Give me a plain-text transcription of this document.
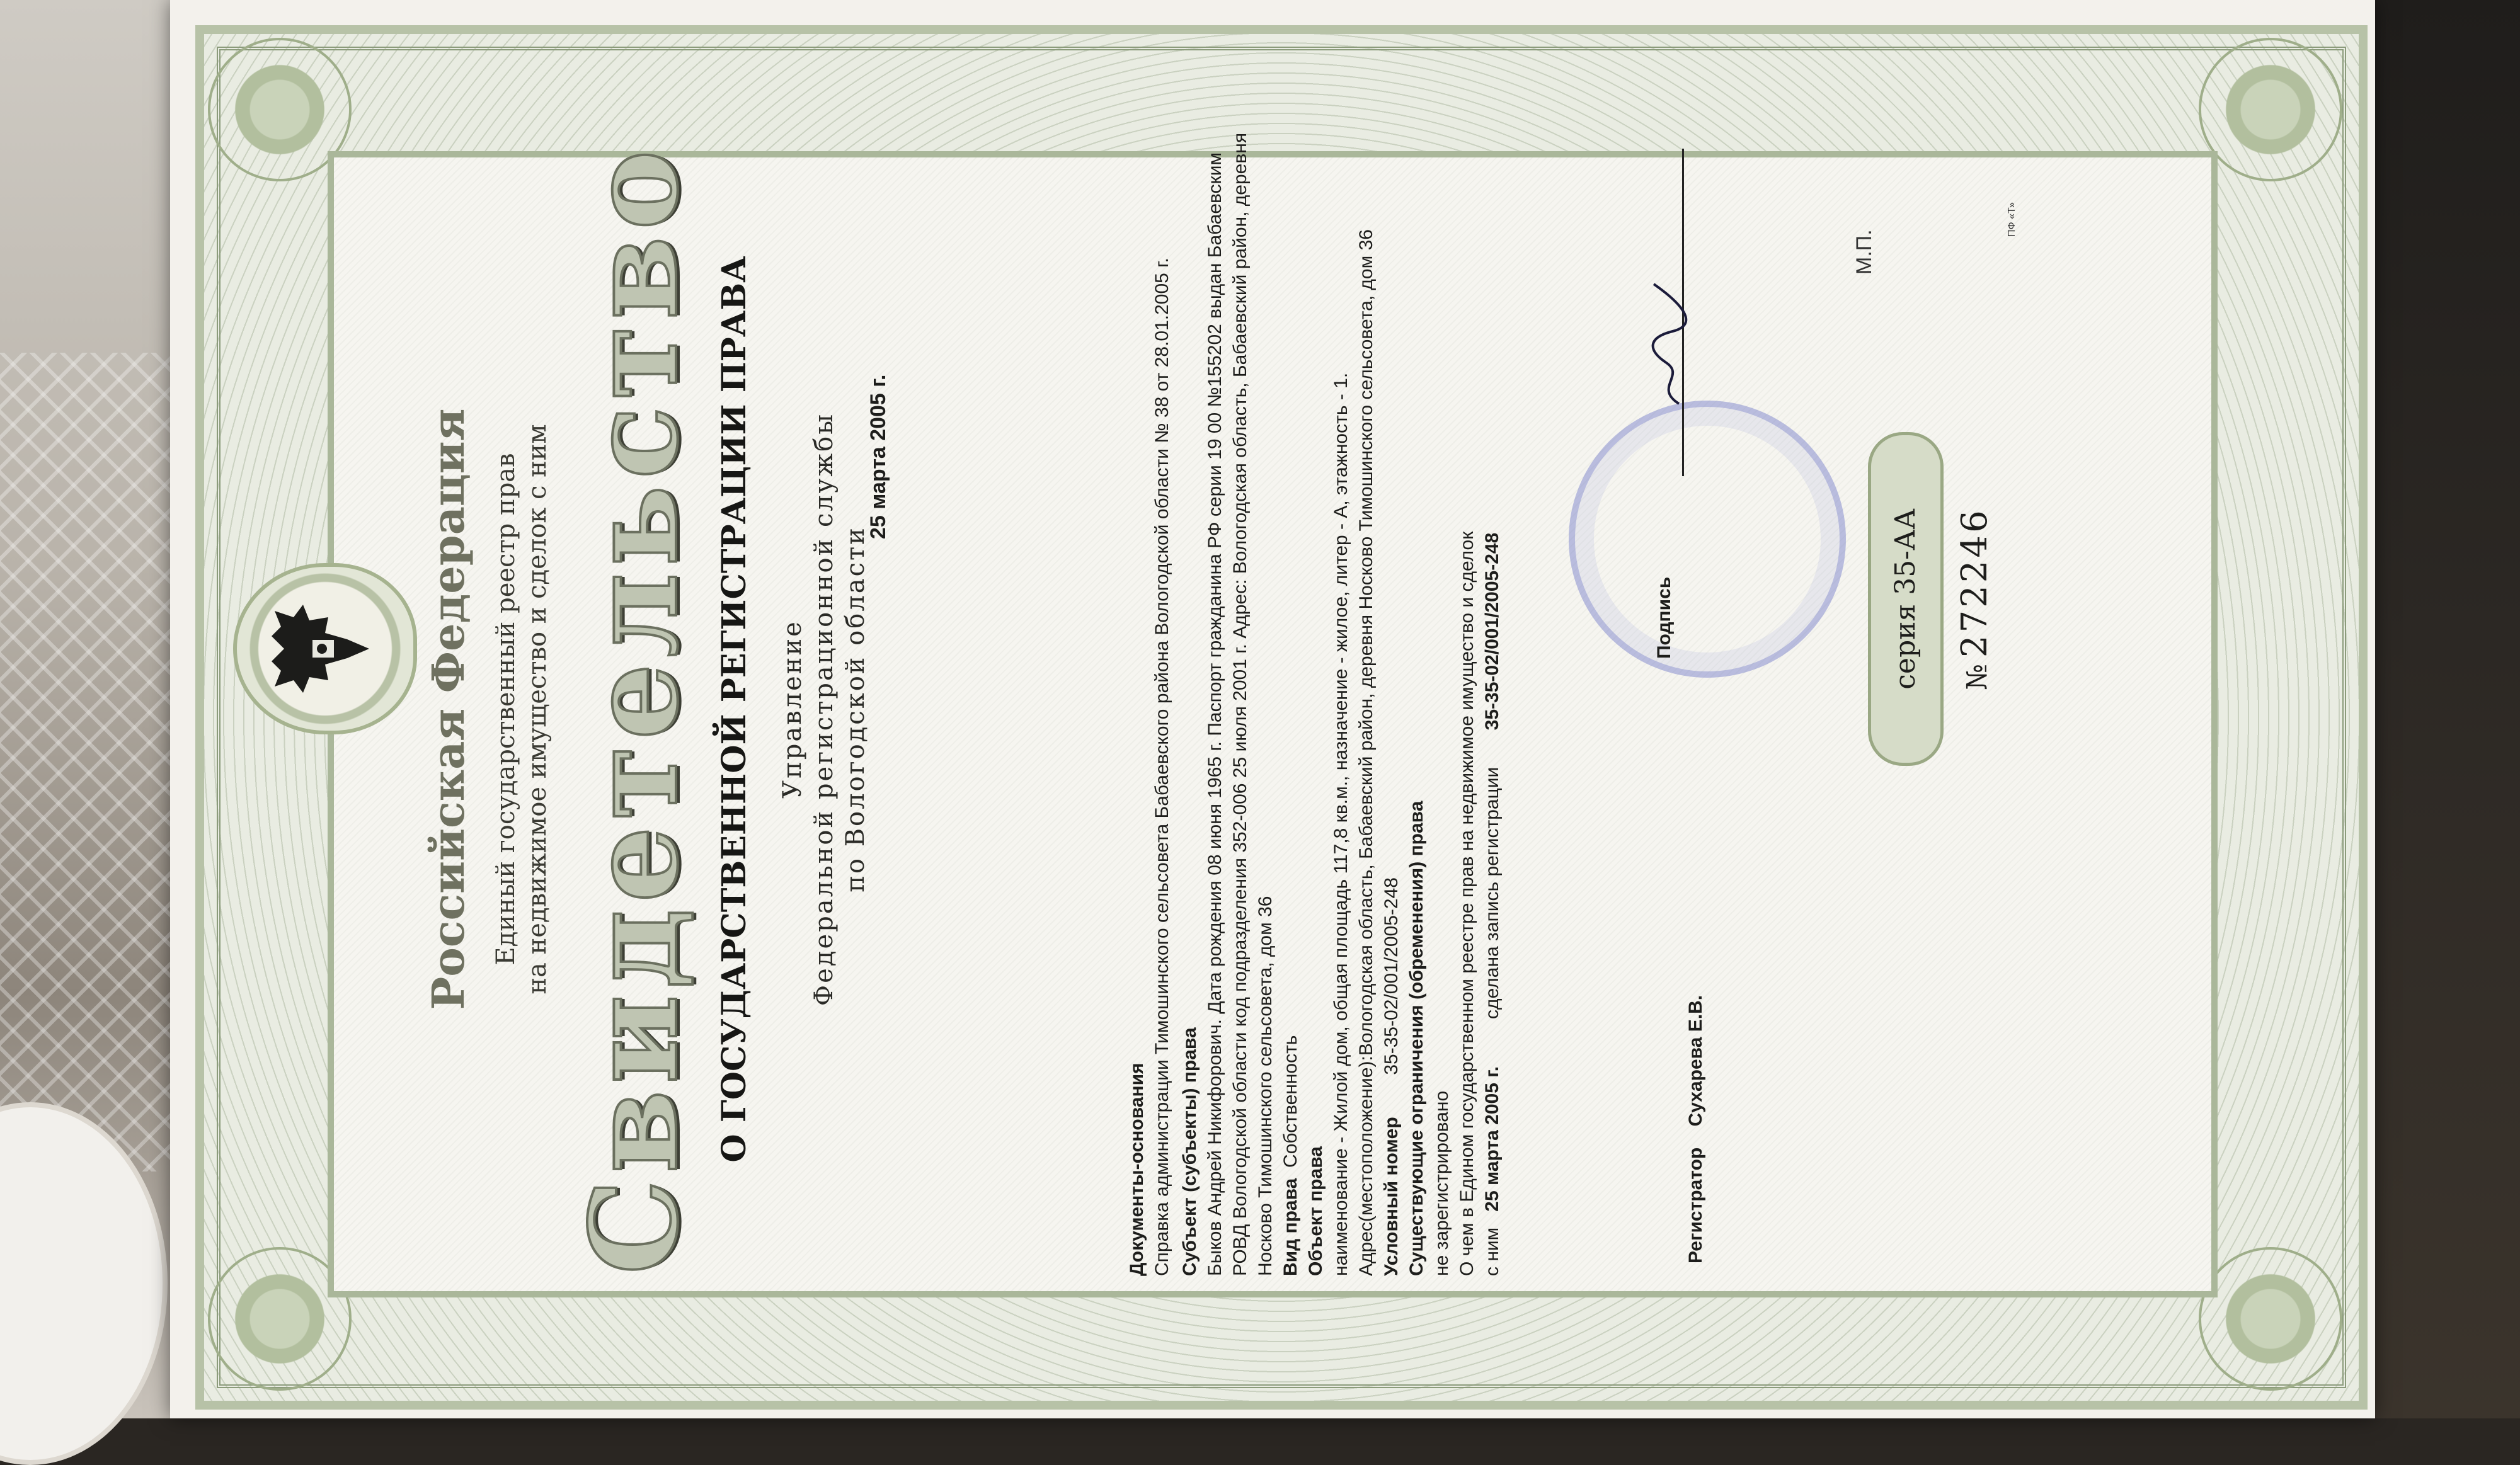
Российская Федерация Единый государственный реестр прав на недвижимое имущество и сделок с ним Свидетельство О ГОСУДАРСТВЕННОЙ РЕГИСТРАЦИИ ПРАВА Управление Федеральной регистрационной службы по Вологодской области
25 марта 2005 г.
Документы-основания Справка администрации Тимошинского сельсовета Бабаевского района Вологодской области № 38 от 28.01.2005 г. Субъект (субъекты) права Быков Андрей Никифорович. Дата рождения 08 июня 1965 г. Паспорт гражданина РФ серии 19 00 №155202 выдан Бабаевским РОВД Вологодской области код подразделения 352-006 25 июля 2001 г. Адрес: Вологодская область, Бабаевский район, деревня Носково Тимошинского сельсовета, дом 36 Вид права  Собственность
Объект права наименование - Жилой дом, общая площадь 117,8 кв.м., назначение - жилое, литер - А, этажность - 1. Адрес(местоположение):Вологодская область, Бабаевский район, деревня Носково Тимошинского сельсовета, дом 36 Условный номер        35-35-02/001/2005-248 Существующие ограничения (обременения) права не зарегистрировано О чем в Едином государственном реестре прав на недвижимое имущество и сделок с ним   25 марта 2005 г.         сделана запись регистрации       35-35-02/001/2005-248
Регистратор    Сухарева Е.В.
Подпись
М.П.
серия 35-АА №272246
ПФ «Т»
